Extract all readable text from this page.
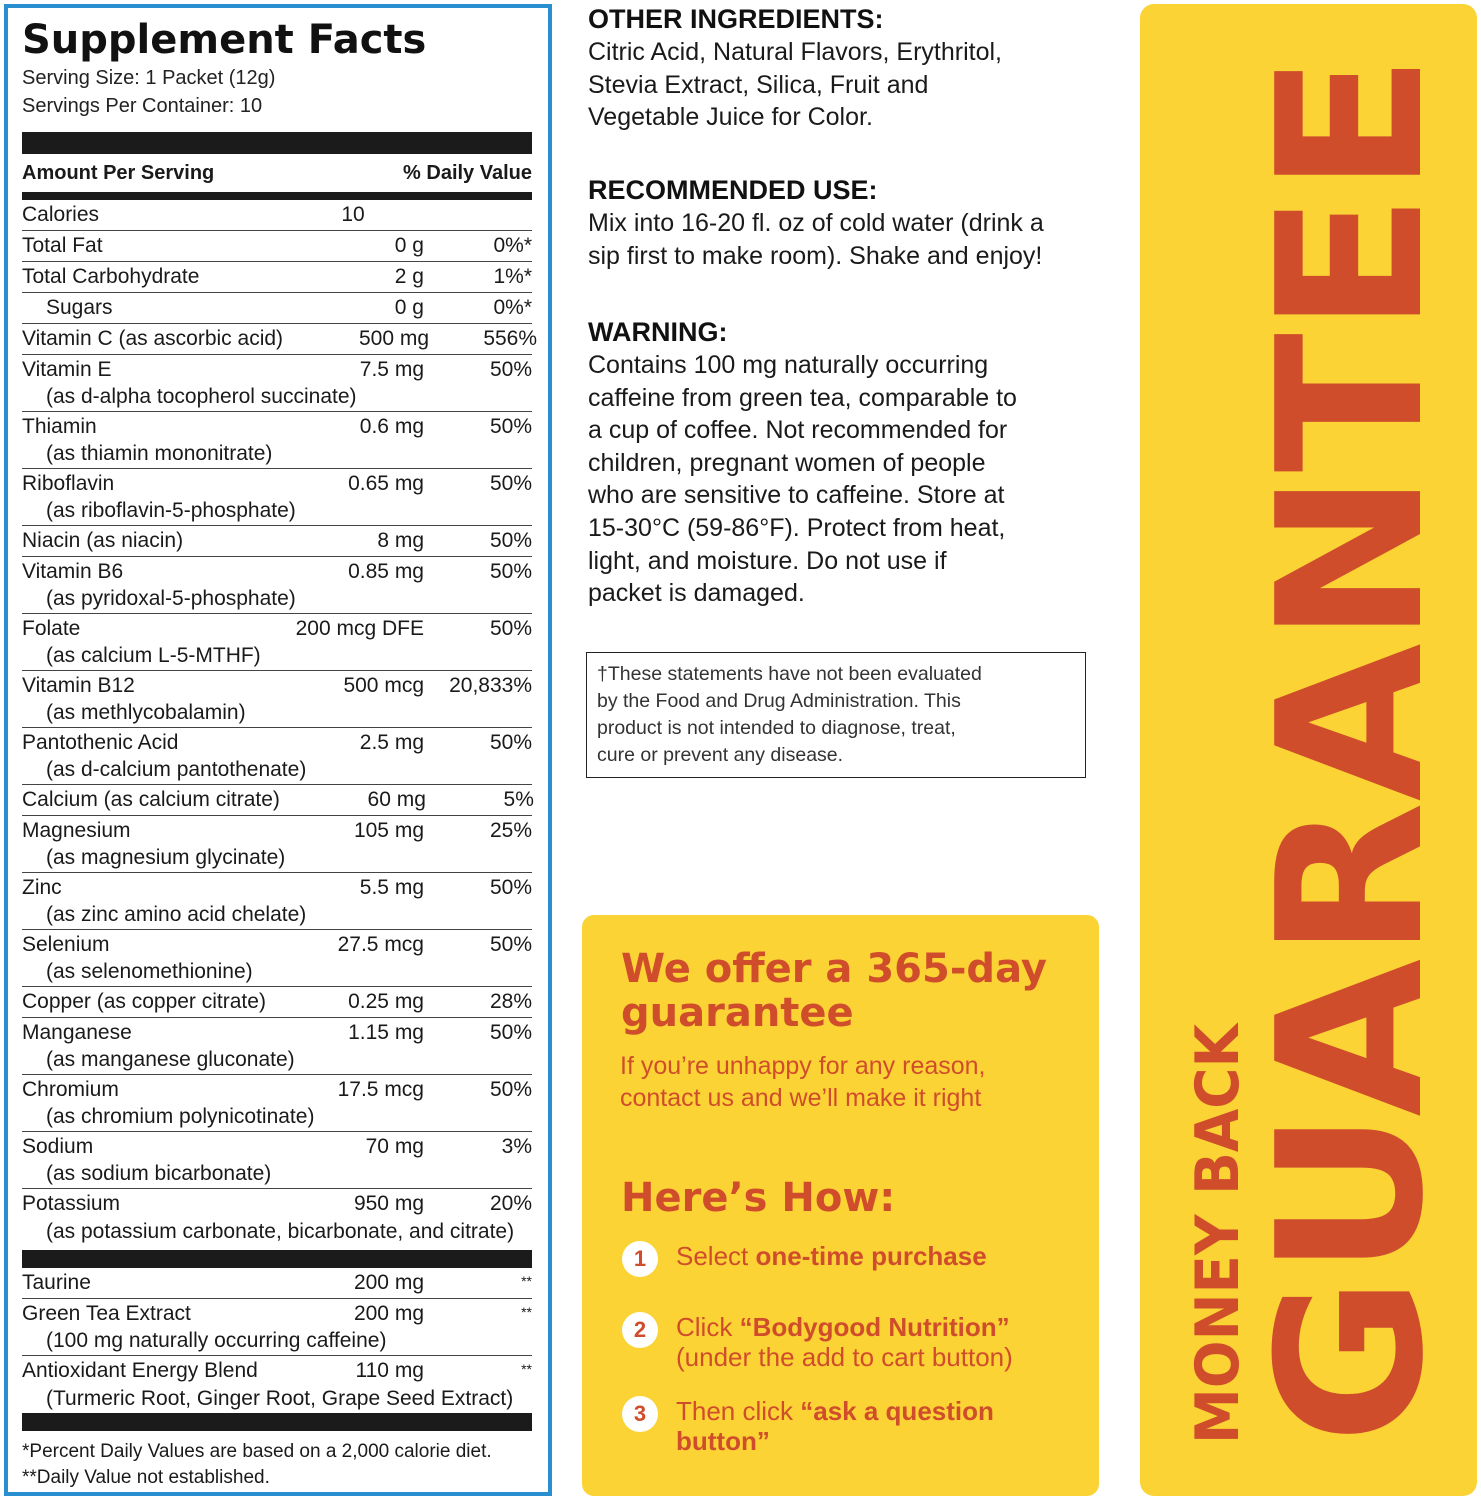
Supplement Facts
Serving Size: 1 Packet (12g)
Servings Per Container: 10
Amount Per Serving	% Daily Value
Calories	10
Total Fat	0 g	0%*
Total Carbohydrate	2 g	1%*
Sugars	0 g	0%*
Vitamin C (as ascorbic acid)	500 mg	556%
Vitamin E	7.5 mg	50%
(as d-alpha tocopherol succinate)
Thiamin	0.6 mg	50%
(as thiamin mononitrate)
Riboflavin	0.65 mg	50%
(as riboflavin-5-phosphate)
Niacin (as niacin)	8 mg	50%
Vitamin B6	0.85 mg	50%
(as pyridoxal-5-phosphate)
Folate	200 mcg DFE	50%
(as calcium L-5-MTHF)
Vitamin B12	500 mcg	20,833%
(as methlycobalamin)
Pantothenic Acid	2.5 mg	50%
(as d-calcium pantothenate)
Calcium (as calcium citrate)	60 mg	5%
Magnesium	105 mg	25%
(as magnesium glycinate)
Zinc	5.5 mg	50%
(as zinc amino acid chelate)
Selenium	27.5 mcg	50%
(as selenomethionine)
Copper (as copper citrate)	0.25 mg	28%
Manganese	1.15 mg	50%
(as manganese gluconate)
Chromium	17.5 mcg	50%
(as chromium polynicotinate)
Sodium	70 mg	3%
(as sodium bicarbonate)
Potassium	950 mg	20%
(as potassium carbonate, bicarbonate, and citrate)
Taurine	200 mg	**
Green Tea Extract	200 mg	**
(100 mg naturally occurring caffeine)
Antioxidant Energy Blend	110 mg	**
(Turmeric Root, Ginger Root, Grape Seed Extract)
*Percent Daily Values are based on a 2,000 calorie diet.
**Daily Value not established.
OTHER INGREDIENTS:
Citric Acid, Natural Flavors, Erythritol,
Stevia Extract, Silica, Fruit and
Vegetable Juice for Color.
RECOMMENDED USE:
Mix into 16-20 fl. oz of cold water (drink a
sip first to make room). Shake and enjoy!
WARNING:
Contains 100 mg naturally occurring
caffeine from green tea, comparable to
a cup of coffee. Not recommended for
children, pregnant women of people
who are sensitive to caffeine. Store at
15-30°C (59-86°F). Protect from heat,
light, and moisture. Do not use if
packet is damaged.
†These statements have not been evaluated
by the Food and Drug Administration. This
product is not intended to diagnose, treat,
cure or prevent any disease.
We offer a 365-day
guarantee
If you’re unhappy for any reason,
contact us and we’ll make it right
Here’s How:
1	Select one-time purchase
2	Click “Bodygood Nutrition”
(under the add to cart button)
3	Then click “ask a question
button”	GUARANTEE
MONEY BACK
